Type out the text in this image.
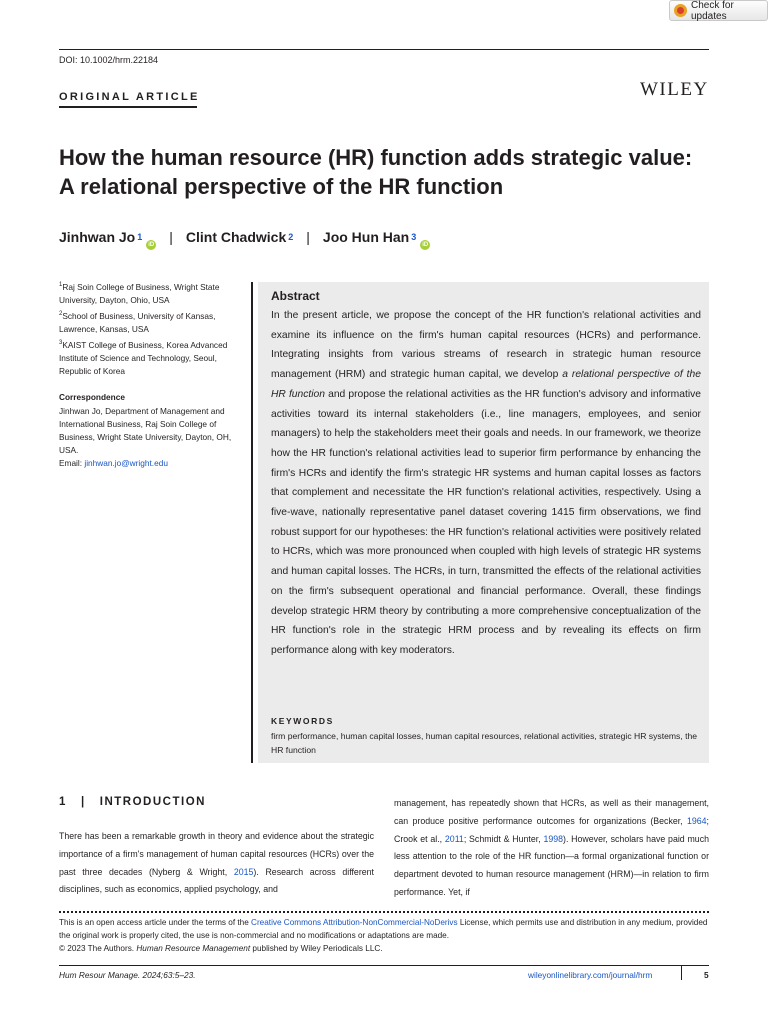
Check for updates
DOI: 10.1002/hrm.22184
ORIGINAL ARTICLE	WILEY
How the human resource (HR) function adds strategic value:
A relational perspective of the HR function
Jinhwan Jo $^1$iD | Clint Chadwick $^2$ | Joo Hun Han $^3$iD
$^1$Raj Soin College of Business, Wright State University, Dayton, Ohio, USA
$^2$School of Business, University of Kansas, Lawrence, Kansas, USA
$^3$KAIST College of Business, Korea Advanced Institute of Science and Technology, Seoul, Republic of Korea
Correspondence
Jinhwan Jo, Department of Management and International Business, Raj Soin College of Business, Wright State University, Dayton, OH, USA.
Email: jinhwan.jo@wright.edu
Abstract
In the present article, we propose the concept of the HR function's relational activities and examine its influence on the firm's human capital resources (HCRs) and performance. Integrating insights from various streams of research in strategic human resource management (HRM) and strategic human capital, we develop a relational perspective of the HR function and propose the relational activities as the HR function's advisory and informative activities toward its internal stakeholders (i.e., line managers, employees, and senior managers) to help the stakeholders meet their goals and needs. In our framework, we theorize how the HR function's relational activities lead to superior firm performance by enhancing the firm's HCRs and identify the firm's strategic HR systems and human capital losses as factors that complement and necessitate the HR function's relational activities, respectively. Using a five-wave, nationally representative panel dataset covering 1415 firm observations, we find robust support for our hypotheses: the HR function's relational activities were positively related to HCRs, which was more pronounced when coupled with high levels of strategic HR systems and human capital losses. The HCRs, in turn, transmitted the effects of the relational activities on the firm's subsequent operational and financial performance. Overall, these findings develop strategic HRM theory by contributing a more comprehensive conceptualization of the HR function's role in the strategic HRM process and by revealing its effects on firm performance along with key moderators.
KEYWORDS
firm performance, human capital losses, human capital resources, relational activities, strategic HR systems, the HR function
1   |   INTRODUCTION
There has been a remarkable growth in theory and evidence about the strategic importance of a firm's management of human capital resources (HCRs) over the past three decades (Nyberg & Wright, 2015). Research across different disciplines, such as economics, applied psychology, and
management, has repeatedly shown that HCRs, as well as their management, can produce positive performance outcomes for organizations (Becker, 1964; Crook et al., 2011; Schmidt & Hunter, 1998). However, scholars have paid much less attention to the role of the HR function—a formal organizational function or department devoted to human resource management (HRM)—in relation to firm performance. Yet, if
This is an open access article under the terms of the Creative Commons Attribution-NonCommercial-NoDerivs License, which permits use and distribution in any medium, provided the original work is properly cited, the use is non-commercial and no modifications or adaptations are made.
© 2023 The Authors. Human Resource Management published by Wiley Periodicals LLC.
Hum Resour Manage. 2024;63:5–23.	wileyonlinelibrary.com/journal/hrm	5
